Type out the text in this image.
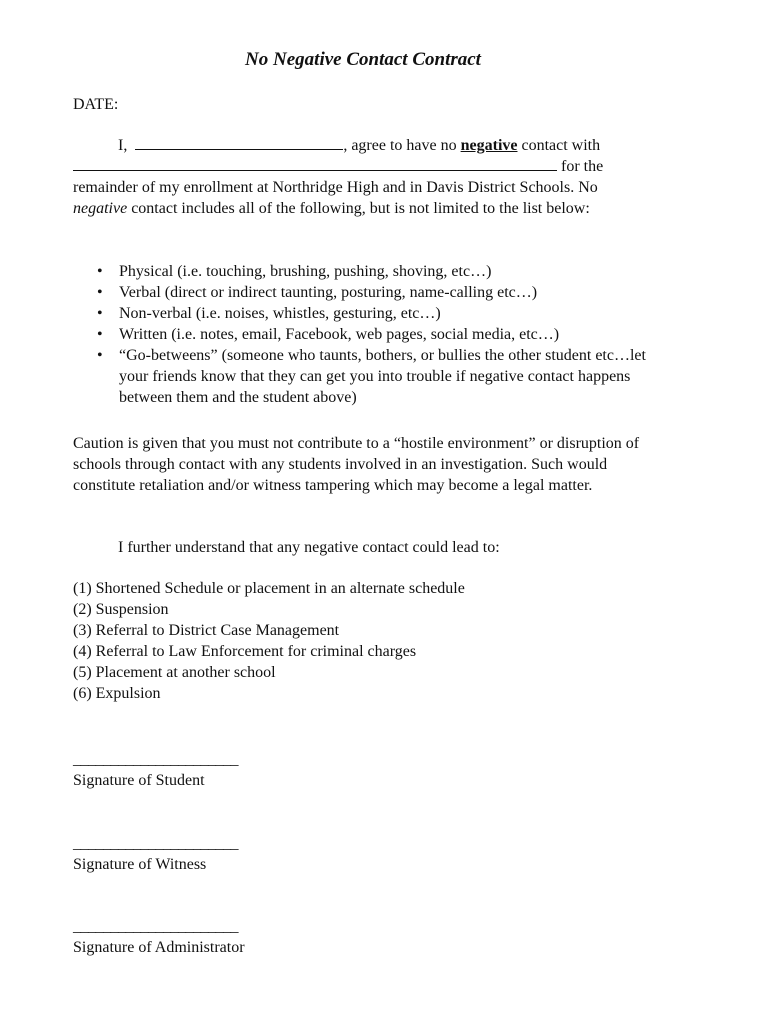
No Negative Contact Contract
DATE:
I,	, agree to have no negative contact with
for the remainder of my enrollment at Northridge High and in Davis District Schools. No negative contact includes all of the following, but is not limited to the list below:
• Physical (i.e. touching, brushing, pushing, shoving, etc…)
• Verbal (direct or indirect taunting, posturing, name-calling etc…)
• Non-verbal (i.e. noises, whistles, gesturing, etc…)
• Written (i.e. notes, email, Facebook, web pages, social media, etc…)
• “Go-betweens” (someone who taunts, bothers, or bullies the other student etc…let your friends know that they can get you into trouble if negative contact happens between them and the student above)
Caution is given that you must not contribute to a “hostile environment” or disruption of schools through contact with any students involved in an investigation. Such would constitute retaliation and/or witness tampering which may become a legal matter.
I further understand that any negative contact could lead to:
(1) Shortened Schedule or placement in an alternate schedule
(2) Suspension
(3) Referral to District Case Management
(4) Referral to Law Enforcement for criminal charges
(5) Placement at another school
(6) Expulsion
______________________
Signature of Student
______________________
Signature of Witness
______________________
Signature of Administrator
